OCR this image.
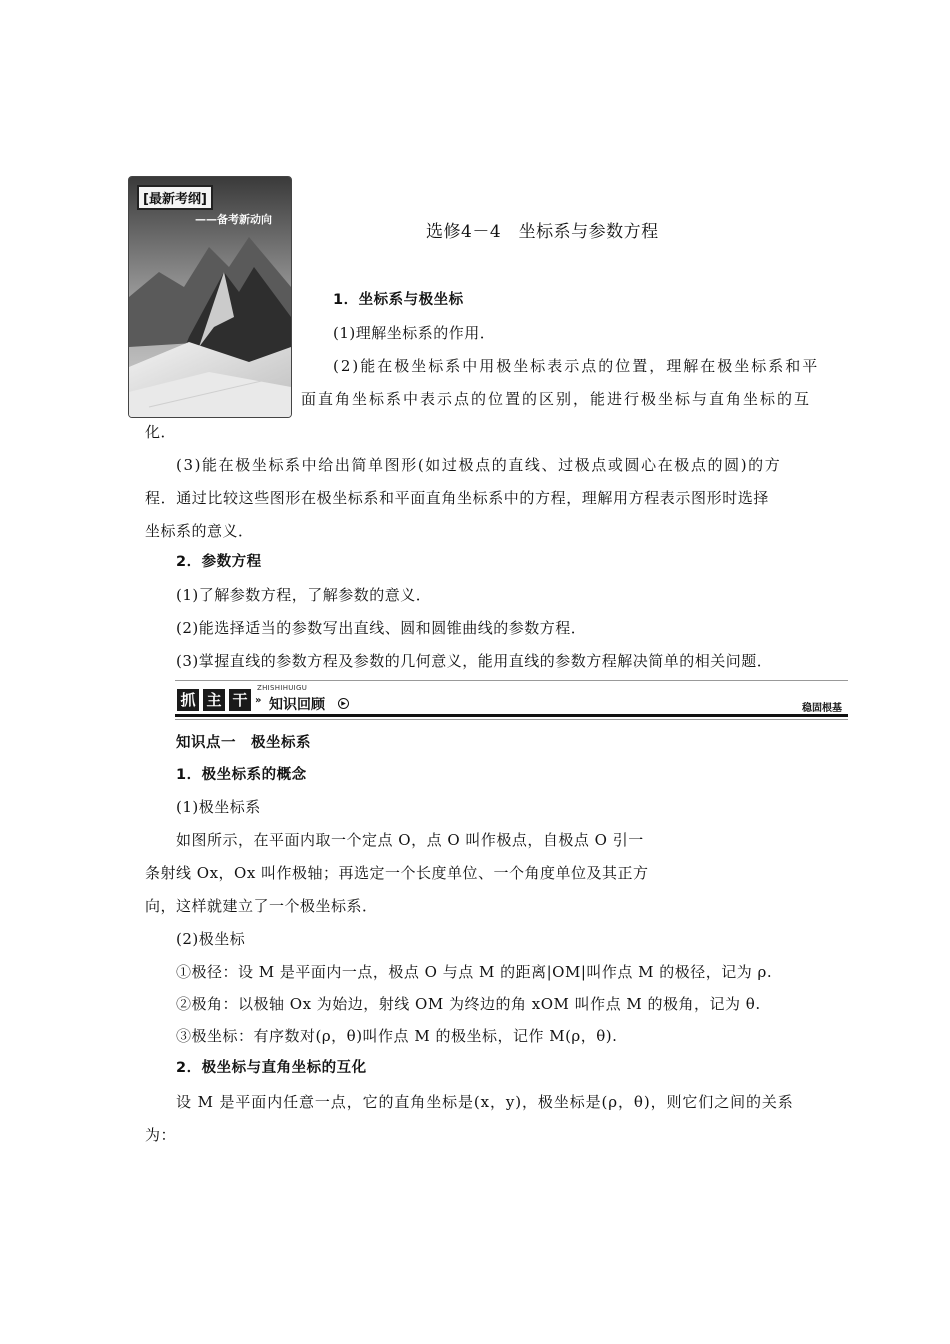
[最新考纲]
——备考新动向
选修4－4　坐标系与参数方程
1．坐标系与极坐标
(1)理解坐标系的作用．
(2)能在极坐标系中用极坐标表示点的位置，理解在极坐标系和平
面直角坐标系中表示点的位置的区别，能进行极坐标与直角坐标的互
化．
(3)能在极坐标系中给出简单图形(如过极点的直线、过极点或圆心在极点的圆)的方
程．通过比较这些图形在极坐标系和平面直角坐标系中的方程，理解用方程表示图形时选择
坐标系的意义．
2．参数方程
(1)了解参数方程，了解参数的意义．
(2)能选择适当的参数写出直线、圆和圆锥曲线的参数方程．
(3)掌握直线的参数方程及参数的几何意义，能用直线的参数方程解决简单的相关问题．
抓 主 干
ZHISHIHUIGU
» 知识回顾	▶	稳固根基
知识点一　极坐标系
1．极坐标系的概念
(1)极坐标系
如图所示，在平面内取一个定点 O，点 O 叫作极点，自极点 O 引一
条射线 Ox，Ox 叫作极轴；再选定一个长度单位、一个角度单位及其正方
向，这样就建立了一个极坐标系．
(2)极坐标
①极径：设 M 是平面内一点，极点 O 与点 M 的距离|OM|叫作点 M 的极径，记为 ρ.
②极角：以极轴 Ox 为始边，射线 OM 为终边的角 xOM 叫作点 M 的极角，记为 θ.
③极坐标：有序数对(ρ，θ)叫作点 M 的极坐标，记作 M(ρ，θ).
2．极坐标与直角坐标的互化
设 M 是平面内任意一点，它的直角坐标是(x，y)，极坐标是(ρ，θ)，则它们之间的关系
为：
